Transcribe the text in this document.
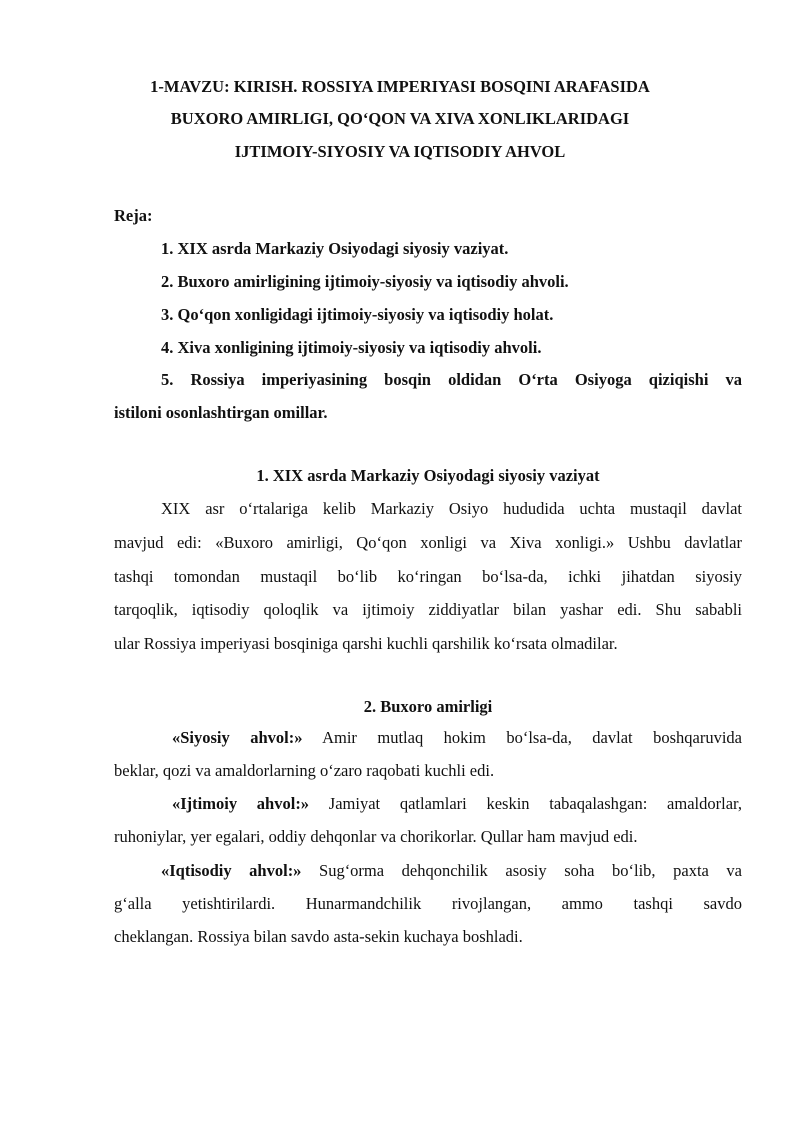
1-MAVZU: KIRISH. ROSSIYA IMPERIYASI BOSQINI ARAFASIDA

BUXORO AMIRLIGI, QO‘QON VA XIVA XONLIKLARIDAGI

IJTIMOIY-SIYOSIY VA IQTISODIY AHVOL

Reja:

1. XIX asrda Markaziy Osiyodagi siyosiy vaziyat.

2. Buxoro amirligining ijtimoiy-siyosiy va iqtisodiy ahvoli.

3. Qo‘qon xonligidagi ijtimoiy-siyosiy va iqtisodiy holat.

4. Xiva xonligining ijtimoiy-siyosiy va iqtisodiy ahvoli.

5. Rossiya imperiyasining bosqin oldidan O‘rta Osiyoga qiziqishi va

istiloni osonlashtirgan omillar.

1. XIX asrda Markaziy Osiyodagi siyosiy vaziyat

XIX asr o‘rtalariga kelib Markaziy Osiyo hududida uchta mustaqil davlat

mavjud edi: «Buxoro amirligi, Qo‘qon xonligi va Xiva xonligi.» Ushbu davlatlar

tashqi tomondan mustaqil bo‘lib ko‘ringan bo‘lsa-da, ichki jihatdan siyosiy

tarqoqlik, iqtisodiy qoloqlik va ijtimoiy ziddiyatlar bilan yashar edi. Shu sababli

ular Rossiya imperiyasi bosqiniga qarshi kuchli qarshilik ko‘rsata olmadilar.

2. Buxoro amirligi

«Siyosiy ahvol:» Amir mutlaq hokim bo‘lsa-da, davlat boshqaruvida

beklar, qozi va amaldorlarning o‘zaro raqobati kuchli edi.

«Ijtimoiy ahvol:» Jamiyat qatlamlari keskin tabaqalashgan: amaldorlar,

ruhoniylar, yer egalari, oddiy dehqonlar va chorikorlar. Qullar ham mavjud edi.

«Iqtisodiy ahvol:» Sug‘orma dehqonchilik asosiy soha bo‘lib, paxta va

g‘alla yetishtirilardi. Hunarmandchilik rivojlangan, ammo tashqi savdo

cheklangan. Rossiya bilan savdo asta-sekin kuchaya boshladi.
